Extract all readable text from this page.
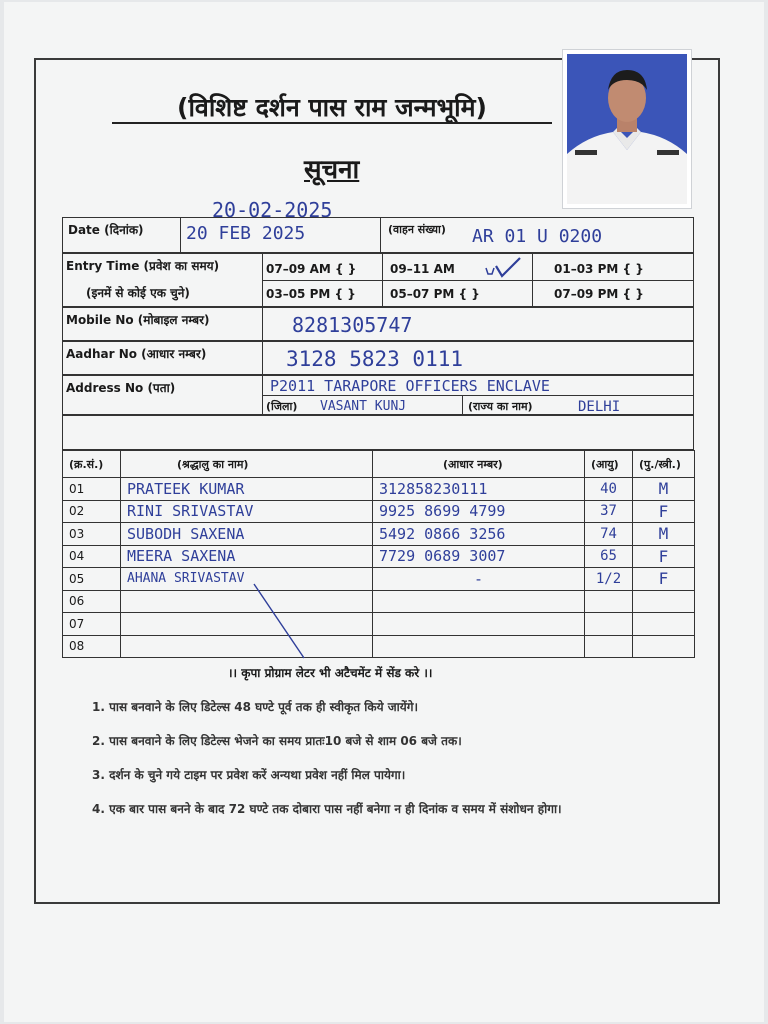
(विशिष्ट दर्शन पास राम जन्मभूमि)
सूचना
20-02-2025
Date (दिनांक) 20 FEB 2025	(वाहन संख्या) AR 01 U 0200
Entry Time (प्रवेश का समय)
(इनमें से कोई एक चुने)
07–09 AM { }	09–11 AM	01–03 PM { }
03–05 PM { }	05–07 PM { }	07–09 PM { }
Mobile No (मोबाइल नम्बर)	8281305747
Aadhar No (आधार नम्बर)	3128 5823 0111
Address No (पता)	P2011 TARAPORE OFFICERS ENCLAVE
(जिला) VASANT KUNJ	(राज्य का नाम)	DELHI
(क्र.सं.)	(श्रद्धालु का नाम)	(आधार नम्बर)	(आयु)	(पु./स्त्री.)
01	PRATEEK KUMAR	312858230111	40	M
02	RINI SRIVASTAV	9925 8699 4799	37	F
03	SUBODH SAXENA	5492 0866 3256	74	M
04	MEERA SAXENA	7729 0689 3007	65	F
05	AHANA SRIVASTAV	-	1/2	F
06				
07				
08				
।। कृपा प्रोग्राम लेटर भी अटैचमेंट में सेंड करे ।।
1. पास बनवाने के लिए डिटेल्स 48 घण्टे पूर्व तक ही स्वीकृत किये जायेंगे।
2. पास बनवाने के लिए डिटेल्स भेजने का समय प्रातः10 बजे से शाम 06 बजे तक।
3. दर्शन के चुने गये टाइम पर प्रवेश करें अन्यथा प्रवेश नहीं मिल पायेगा।
4. एक बार पास बनने के बाद 72 घण्टे तक दोबारा पास नहीं बनेगा न ही दिनांक व समय में संशोधन होगा।
